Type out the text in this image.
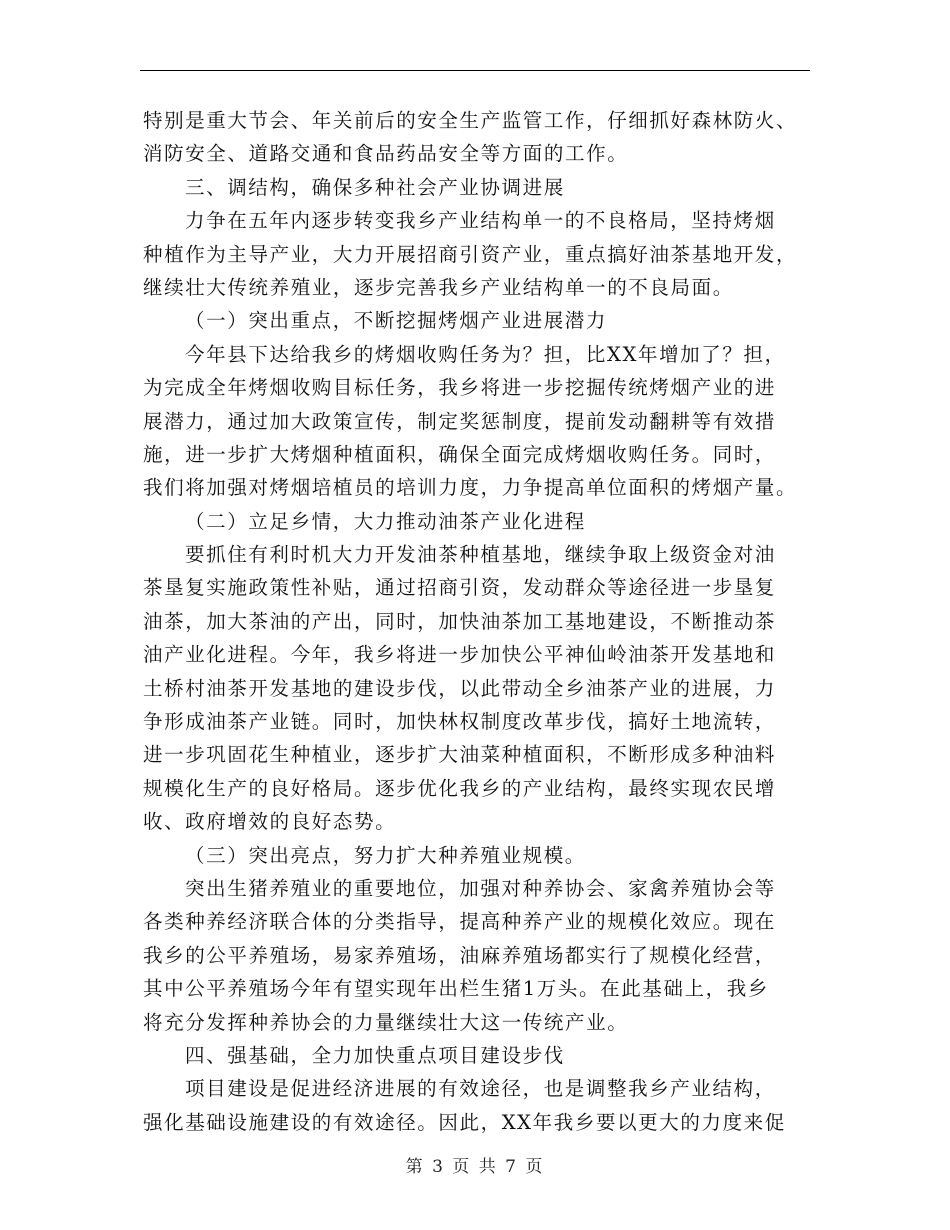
特别是重大节会、年关前后的安全生产监管工作，仔细抓好森林防火、
消防安全、道路交通和食品药品安全等方面的工作。
三、调结构，确保多种社会产业协调进展
力争在五年内逐步转变我乡产业结构单一的不良格局，坚持烤烟
种植作为主导产业，大力开展招商引资产业，重点搞好油茶基地开发，
继续壮大传统养殖业，逐步完善我乡产业结构单一的不良局面。
（一）突出重点，不断挖掘烤烟产业进展潜力
今年县下达给我乡的烤烟收购任务为？担，比XX年增加了？担，
为完成全年烤烟收购目标任务，我乡将进一步挖掘传统烤烟产业的进
展潜力，通过加大政策宣传，制定奖惩制度，提前发动翻耕等有效措
施，进一步扩大烤烟种植面积，确保全面完成烤烟收购任务。同时，
我们将加强对烤烟培植员的培训力度，力争提高单位面积的烤烟产量。
（二）立足乡情，大力推动油茶产业化进程
要抓住有利时机大力开发油茶种植基地，继续争取上级资金对油
茶垦复实施政策性补贴，通过招商引资，发动群众等途径进一步垦复
油茶，加大茶油的产出，同时，加快油茶加工基地建设，不断推动茶
油产业化进程。今年，我乡将进一步加快公平神仙岭油茶开发基地和
土桥村油茶开发基地的建设步伐，以此带动全乡油茶产业的进展，力
争形成油茶产业链。同时，加快林权制度改革步伐，搞好土地流转，
进一步巩固花生种植业，逐步扩大油菜种植面积，不断形成多种油料
规模化生产的良好格局。逐步优化我乡的产业结构，最终实现农民增
收、政府增效的良好态势。
（三）突出亮点，努力扩大种养殖业规模。
突出生猪养殖业的重要地位，加强对种养协会、家禽养殖协会等
各类种养经济联合体的分类指导，提高种养产业的规模化效应。现在
我乡的公平养殖场，易家养殖场，油麻养殖场都实行了规模化经营，
其中公平养殖场今年有望实现年出栏生猪1万头。在此基础上，我乡
将充分发挥种养协会的力量继续壮大这一传统产业。
四、强基础，全力加快重点项目建设步伐
项目建设是促进经济进展的有效途径，也是调整我乡产业结构，
强化基础设施建设的有效途径。因此，XX年我乡要以更大的力度来促
第 3 页 共 7 页
